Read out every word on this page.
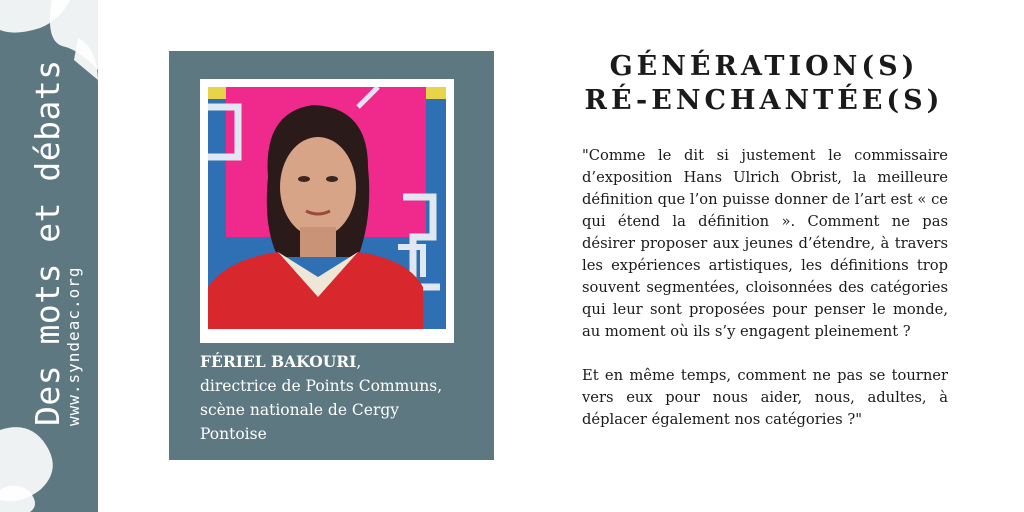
Des mots et débats
www.syndeac.org	FÉRIEL BAKOURI,
directrice de Points Communs,
scène nationale de Cergy
Pontoise
GÉNÉRATION(S)
RÉ-ENCHANTÉE(S)

"Comme le dit si justement le commissaire d’exposition Hans Ulrich Obrist, la meilleure définition que l’on puisse donner de l’art est « ce qui étend la définition ». Comment ne pas désirer proposer aux jeunes d’étendre, à travers les expériences artistiques, les définitions trop souvent segmentées, cloisonnées des catégories qui leur sont proposées pour penser le monde, au moment où ils s’y engagent pleinement ?

Et en même temps, comment ne pas se tourner vers eux pour nous aider, nous, adultes, à déplacer également nos catégories ?"
